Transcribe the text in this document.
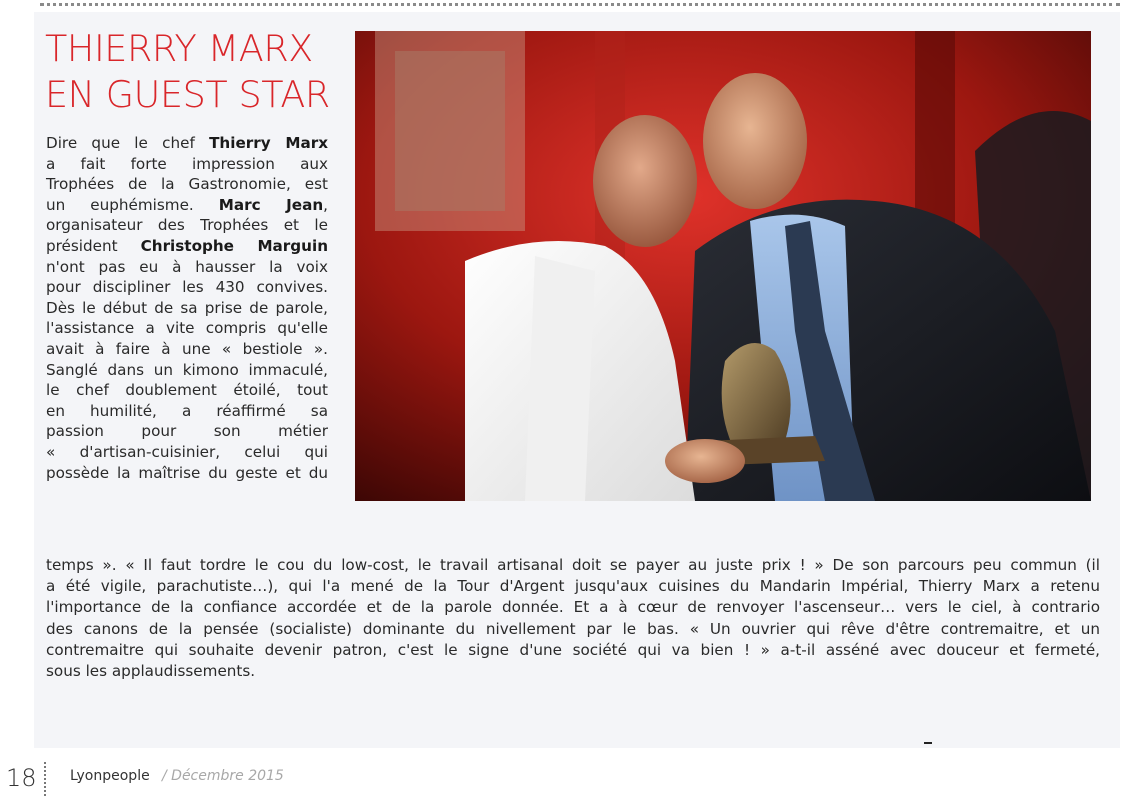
THIERRY MARX
EN GUEST STAR
Dire que le chef Thierry Marx
a fait forte impression aux
Trophées de la Gastronomie, est
un euphémisme. Marc Jean,
organisateur des Trophées et le
président Christophe Marguin
n'ont pas eu à hausser la voix
pour discipliner les 430 convives.
Dès le début de sa prise de parole,
l'assistance a vite compris qu'elle
avait à faire à une « bestiole ».
Sanglé dans un kimono immaculé,
le chef doublement étoilé, tout
en humilité, a réaffirmé sa
passion pour son métier
« d'artisan-cuisinier, celui qui
possède la maîtrise du geste et du
temps ». « Il faut tordre le cou du low-cost, le travail artisanal doit se payer au juste prix ! » De son parcours peu commun (il
a été vigile, parachutiste…), qui l'a mené de la Tour d'Argent jusqu'aux cuisines du Mandarin Impérial, Thierry Marx a retenu
l'importance de la confiance accordée et de la parole donnée. Et a à cœur de renvoyer l'ascenseur… vers le ciel, à contrario
des canons de la pensée (socialiste) dominante du nivellement par le bas. « Un ouvrier qui rêve d'être contremaitre, et un
contremaitre qui souhaite devenir patron, c'est le signe d'une société qui va bien ! » a-t-il asséné avec douceur et fermeté,
sous les applaudissements.
18 Lyonpeople / Décembre 2015
